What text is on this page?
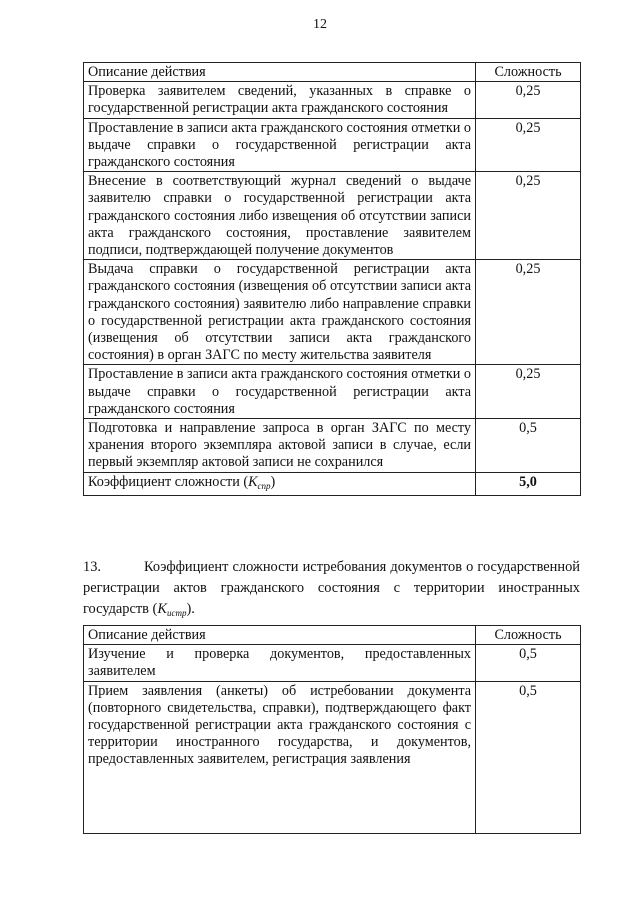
12
Описание действия	Сложность
Проверка заявителем сведений, указанных в справке о государственной регистрации акта гражданского состояния	0,25
Проставление в записи акта гражданского состояния отметки о выдаче справки о государственной регистрации акта гражданского состояния	0,25
Внесение в соответствующий журнал сведений о выдаче заявителю справки о государственной регистрации акта гражданского состояния либо извещения об отсутствии записи акта гражданского состояния, проставление заявителем подписи, подтверждающей получение документов	0,25
Выдача справки о государственной регистрации акта гражданского состояния (извещения об отсутствии записи акта гражданского состояния) заявителю либо направление справки о государственной регистрации акта гражданского состояния (извещения об отсутствии записи акта гражданского состояния) в орган ЗАГС по месту жительства заявителя	0,25
Проставление в записи акта гражданского состояния отметки о выдаче справки о государственной регистрации акта гражданского состояния	0,25
Подготовка и направление запроса в орган ЗАГС по месту хранения второго экземпляра актовой записи в случае, если первый экземпляр актовой записи не сохранился	0,5
Коэффициент сложности $(K_{спр})$	5,0
13.	Коэффициент сложности истребования документов о государственной регистрации актов гражданского состояния с территории иностранных государств $(K_{истр})$.
Описание действия	Сложность
Изучение и проверка документов, предоставленных заявителем	0,5
Прием заявления (анкеты) об истребовании документа (повторного свидетельства, справки), подтверждающего факт государственной регистрации акта гражданского состояния с территории иностранного государства, и документов, предоставленных заявителем, регистрация заявления	0,5
